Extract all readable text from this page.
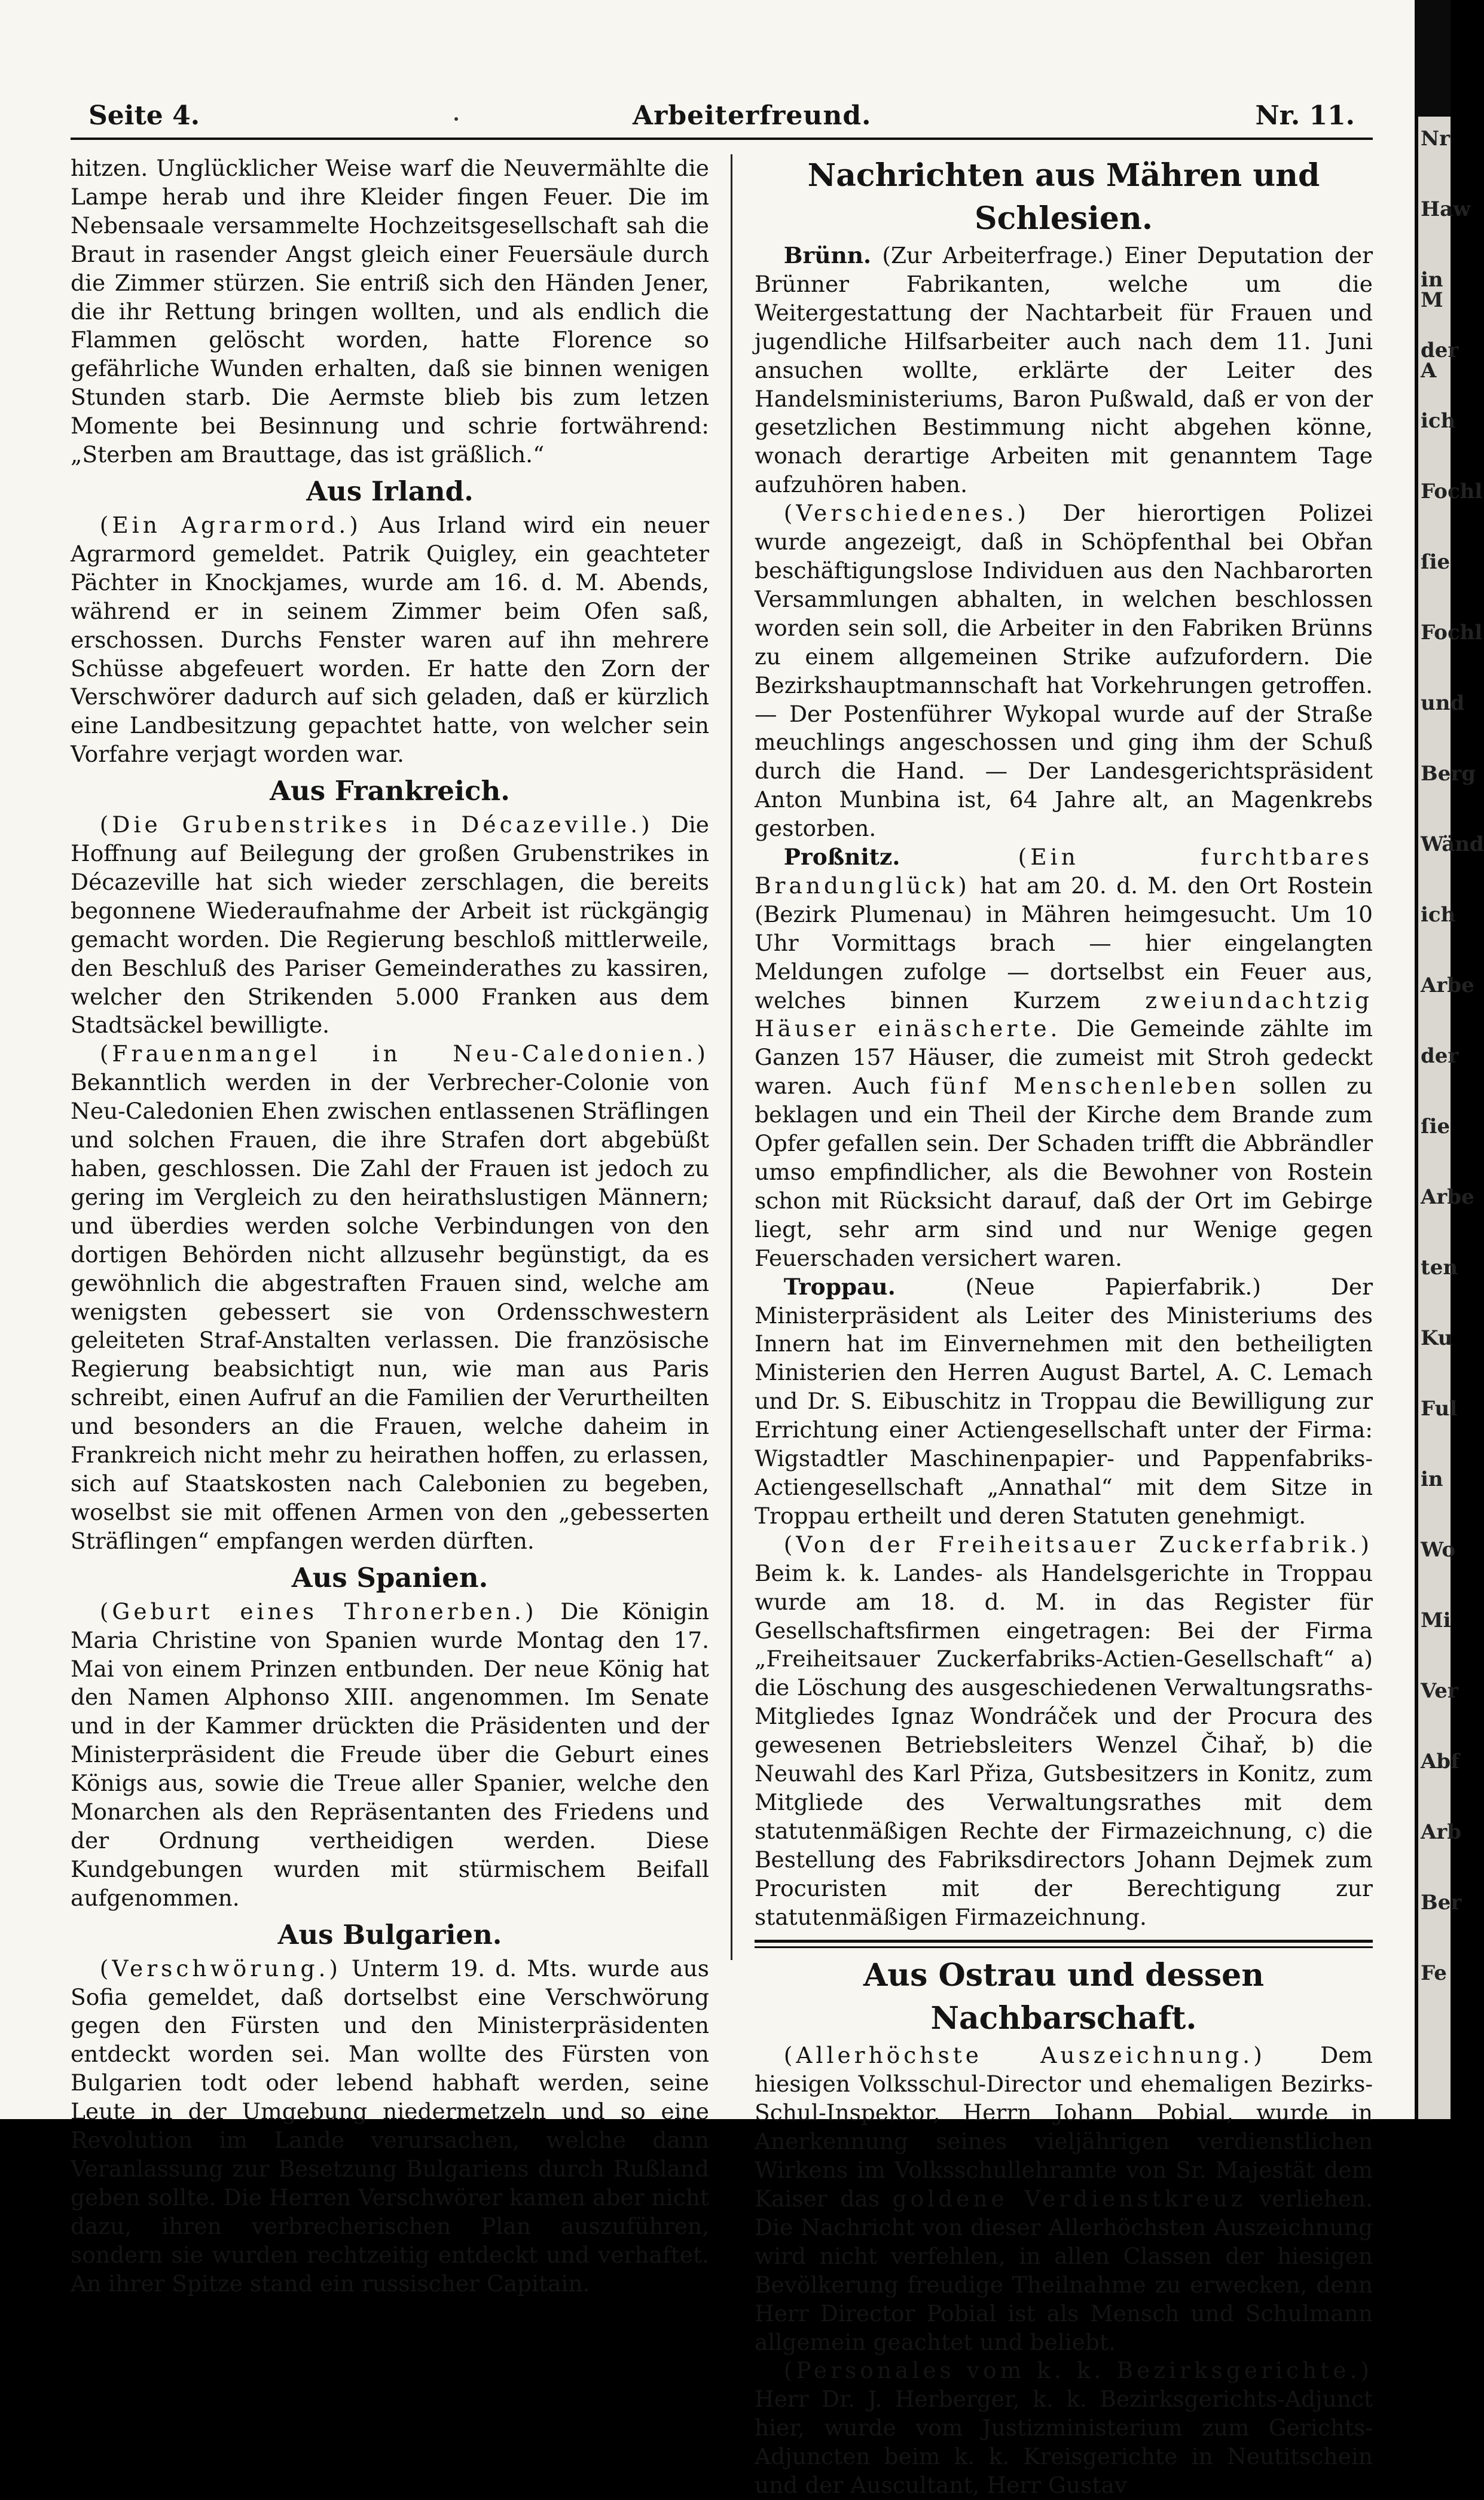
Seite 4.	Arbeiterfreund.	Nr. 11.

hitzen. Unglücklicher Weise warf die Neuvermählte die Lampe herab und ihre Kleider fingen Feuer. Die im Nebensaale versammelte Hochzeitsgesellschaft sah die Braut in rasender Angst gleich einer Feuersäule durch die Zimmer stürzen. Sie entriß sich den Händen Jener, die ihr Rettung bringen wollten, und als endlich die Flammen gelöscht worden, hatte Florence so gefährliche Wunden erhalten, daß sie binnen wenigen Stunden starb. Die Aermste blieb bis zum letzen Momente bei Besinnung und schrie fortwährend: „Sterben am Brauttage, das ist gräßlich.“

Aus Irland.

(Ein Agrarmord.) Aus Irland wird ein neuer Agrarmord gemeldet. Patrik Quigley, ein geachteter Pächter in Knockjames, wurde am 16. d. M. Abends, während er in seinem Zimmer beim Ofen saß, erschossen. Durchs Fenster waren auf ihn mehrere Schüsse abgefeuert worden. Er hatte den Zorn der Verschwörer dadurch auf sich geladen, daß er kürzlich eine Landbesitzung gepachtet hatte, von welcher sein Vorfahre verjagt worden war.

Aus Frankreich.

(Die Grubenstrikes in Décazeville.) Die Hoffnung auf Beilegung der großen Grubenstrikes in Décazeville hat sich wieder zerschlagen, die bereits begonnene Wiederaufnahme der Arbeit ist rückgängig gemacht worden. Die Regierung beschloß mittlerweile, den Beschluß des Pariser Gemeinderathes zu kassiren, welcher den Strikenden 5.000 Franken aus dem Stadtsäckel bewilligte.

(Frauenmangel in Neu-Caledonien.) Bekanntlich werden in der Verbrecher-Colonie von Neu-Caledonien Ehen zwischen entlassenen Sträflingen und solchen Frauen, die ihre Strafen dort abgebüßt haben, geschlossen. Die Zahl der Frauen ist jedoch zu gering im Vergleich zu den heirathslustigen Männern; und überdies werden solche Verbindungen von den dortigen Behörden nicht allzusehr begünstigt, da es gewöhnlich die abgestraften Frauen sind, welche am wenigsten gebessert sie von Ordensschwestern geleiteten Straf-Anstalten verlassen. Die französische Regierung beabsichtigt nun, wie man aus Paris schreibt, einen Aufruf an die Familien der Verurtheilten und besonders an die Frauen, welche daheim in Frankreich nicht mehr zu heirathen hoffen, zu erlassen, sich auf Staatskosten nach Calebonien zu begeben, woselbst sie mit offenen Armen von den „gebesserten Sträflingen“ empfangen werden dürften.

Aus Spanien.

(Geburt eines Thronerben.) Die Königin Maria Christine von Spanien wurde Montag den 17. Mai von einem Prinzen entbunden. Der neue König hat den Namen Alphonso XIII. angenommen. Im Senate und in der Kammer drückten die Präsidenten und der Ministerpräsident die Freude über die Geburt eines Königs aus, sowie die Treue aller Spanier, welche den Monarchen als den Repräsentanten des Friedens und der Ordnung vertheidigen werden. Diese Kundgebungen wurden mit stürmischem Beifall aufgenommen.

Aus Bulgarien.

(Verschwörung.) Unterm 19. d. Mts. wurde aus Sofia gemeldet, daß dortselbst eine Verschwörung gegen den Fürsten und den Ministerpräsidenten entdeckt worden sei. Man wollte des Fürsten von Bulgarien todt oder lebend habhaft werden, seine Leute in der Umgebung niedermetzeln und so eine Revolution im Lande verursachen, welche dann Veranlassung zur Besetzung Bulgariens durch Rußland geben sollte. Die Herren Verschwörer kamen aber nicht dazu, ihren verbrecherischen Plan auszuführen, sondern sie wurden rechtzeitig entdeckt und verhaftet. An ihrer Spitze stand ein russischer Capitain.

Nachrichten aus Mähren und Schlesien.

Brünn. (Zur Arbeiterfrage.) Einer Deputation der Brünner Fabrikanten, welche um die Weitergestattung der Nachtarbeit für Frauen und jugendliche Hilfsarbeiter auch nach dem 11. Juni ansuchen wollte, erklärte der Leiter des Handelsministeriums, Baron Pußwald, daß er von der gesetzlichen Bestimmung nicht abgehen könne, wonach derartige Arbeiten mit genanntem Tage aufzuhören haben.

(Verschiedenes.) Der hierortigen Polizei wurde angezeigt, daß in Schöpfenthal bei Obřan beschäftigungslose Individuen aus den Nachbarorten Versammlungen abhalten, in welchen beschlossen worden sein soll, die Arbeiter in den Fabriken Brünns zu einem allgemeinen Strike aufzufordern. Die Bezirkshauptmannschaft hat Vorkehrungen getroffen. — Der Postenführer Wykopal wurde auf der Straße meuchlings angeschossen und ging ihm der Schuß durch die Hand. — Der Landesgerichtspräsident Anton Munbina ist, 64 Jahre alt, an Magenkrebs gestorben.

Proßnitz.	(Ein furchtbares Brandunglück) hat am 20. d. M. den Ort Rostein (Bezirk Plumenau) in Mähren heimgesucht. Um 10 Uhr Vormittags brach — hier eingelangten Meldungen zufolge — dortselbst ein Feuer aus, welches binnen Kurzem zweiundachtzig Häuser einäscherte. Die Gemeinde zählte im Ganzen 157 Häuser, die zumeist mit Stroh gedeckt waren. Auch fünf Menschenleben sollen zu beklagen und ein Theil der Kirche dem Brande zum Opfer gefallen sein. Der Schaden trifft die Abbrändler umso empfindlicher, als die Bewohner von Rostein schon mit Rücksicht darauf, daß der Ort im Gebirge liegt, sehr arm sind und nur Wenige gegen Feuerschaden versichert waren.

Troppau.	(Neue Papierfabrik.)	Der Ministerpräsident als Leiter des Ministeriums des Innern hat im Einvernehmen mit den betheiligten Ministerien den Herren August Bartel, A. C. Lemach und Dr. S. Eibuschitz in Troppau die Bewilligung zur Errichtung einer Actiengesellschaft unter der Firma: Wigstadtler Maschinenpapier- und Pappenfabriks-Actiengesellschaft „Annathal“ mit dem Sitze in Troppau ertheilt und deren Statuten genehmigt.

(Von der Freiheitsauer Zuckerfabrik.) Beim k. k. Landes- als Handelsgerichte in Troppau wurde am 18. d. M. in das Register für Gesellschaftsfirmen eingetragen: Bei der Firma „Freiheitsauer Zuckerfabriks-Actien-Gesellschaft“ a) die Löschung des ausgeschiedenen Verwaltungsraths-Mitgliedes Ignaz Wondráček und der Procura des gewesenen Betriebsleiters Wenzel Čihař, b) die Neuwahl des Karl Přiza, Gutsbesitzers in Konitz, zum Mitgliede des Verwaltungsrathes mit dem statutenmäßigen Rechte der Firmazeichnung, c) die Bestellung des Fabriksdirectors Johann Dejmek zum Procuristen mit der Berechtigung zur statutenmäßigen Firmazeichnung.

Aus Ostrau und dessen Nachbarschaft.

(Allerhöchste Auszeichnung.) Dem hiesigen Volksschul-Director und ehemaligen Bezirks-Schul-Inspektor, Herrn Johann Pobial, wurde in Anerkennung seines vieljährigen verdienstlichen Wirkens im Volksschullehramte von Sr. Majestät dem Kaiser das goldene Verdienstkreuz verliehen. Die Nachricht von dieser Allerhöchsten Auszeichnung wird nicht verfehlen, in allen Classen der hiesigen Bevölkerung freudige Theilnahme zu erwecken, denn Herr Director Pobial ist als Mensch und Schulmann allgemein geachtet und beliebt.

(Personales vom k. k. Bezirksgerichte.) Herr Dr. J. Herberger, k. k. Bezirksgerichts-Adjunct hier, wurde vom Justizministerium zum Gerichts-Adjuncten beim k. k. Kreisgerichte in Neutitschein und der Auscultant, Herr Gustav

Nr
Haw
in M
der A
ich
Fochl
ſie
Fochl
und
Berg
Wänd
ich
Arbe
der
ſie
Arbe
ten
Ku
Ful
in
Wo
Mi
Ver
Abf
Arb
Ber
Fe
